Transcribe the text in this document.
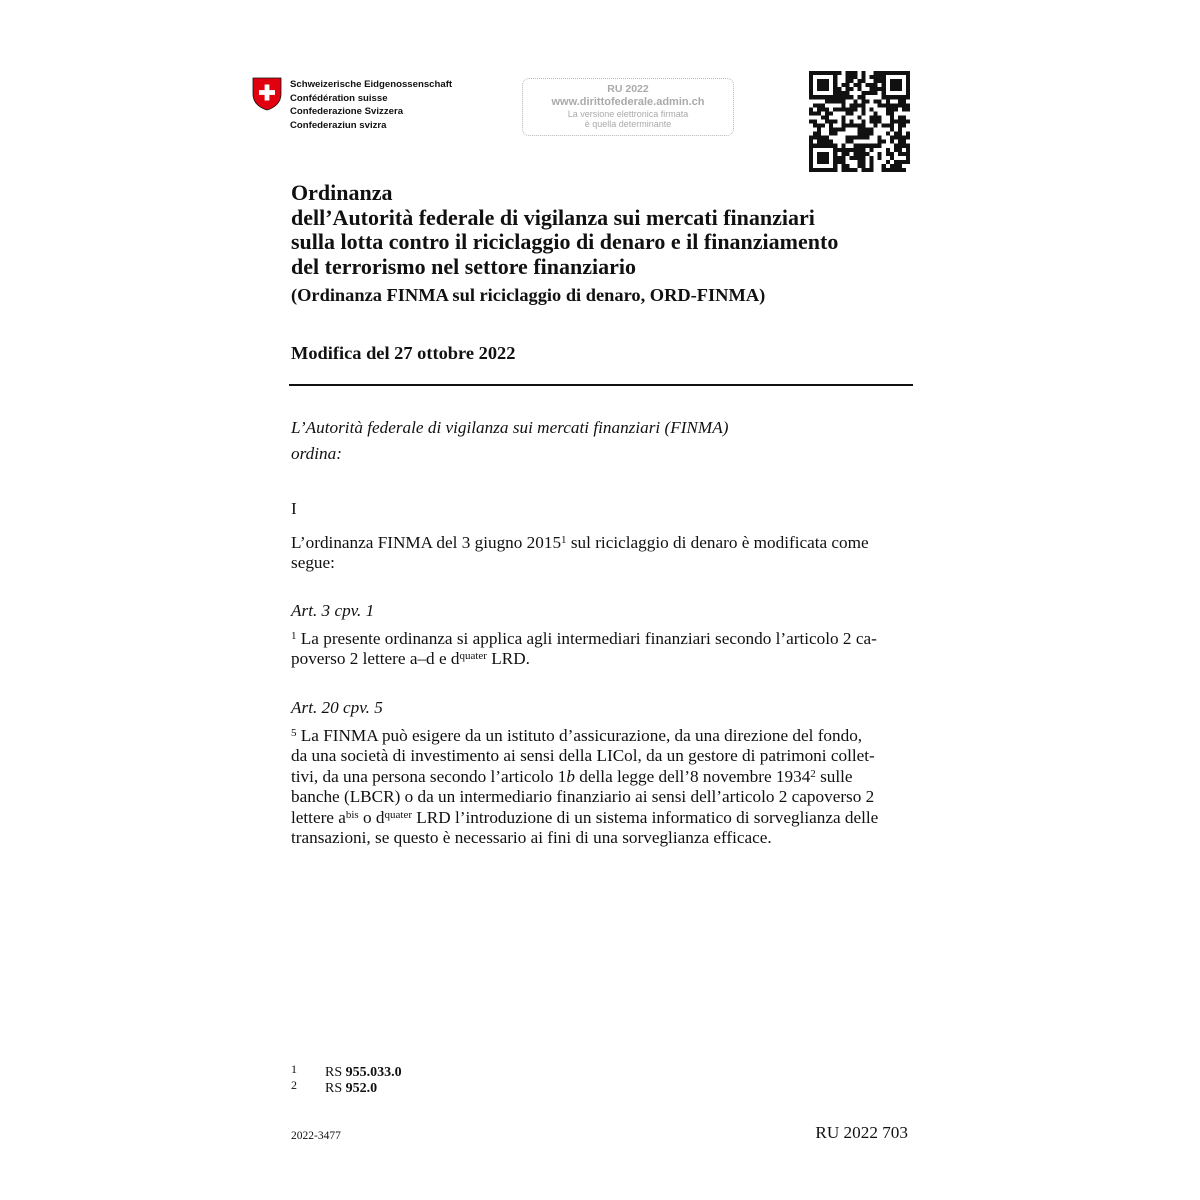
Schweizerische Eidgenossenschaft
Confédération suisse
Confederazione Svizzera
Confederaziun svizra
RU 2022
www.dirittofederale.admin.ch
La versione elettronica firmata
è quella determinante
Ordinanza
dell’Autorità federale di vigilanza sui mercati finanziari
sulla lotta contro il riciclaggio di denaro e il finanziamento
del terrorismo nel settore finanziario
(Ordinanza FINMA sul riciclaggio di denaro, ORD-FINMA)
Modifica del 27 ottobre 2022
L’Autorità federale di vigilanza sui mercati finanziari (FINMA)
ordina:
I
L’ordinanza FINMA del 3 giugno 2015$^1$ sul riciclaggio di denaro è modificata come
segue:
Art. 3 cpv. 1
$^1$ La presente ordinanza si applica agli intermediari finanziari secondo l’articolo 2 ca-
poverso 2 lettere a–d e $d^{quater}$ LRD.
Art. 20 cpv. 5
$^5$ La FINMA può esigere da un istituto d’assicurazione, da una direzione del fondo,
da una società di investimento ai sensi della LICol, da un gestore di patrimoni collet-
tivi, da una persona secondo l’articolo 1b della legge dell’8 novembre 1934$^2$ sulle
banche (LBCR) o da un intermediario finanziario ai sensi dell’articolo 2 capoverso 2
lettere $a^{bis}$ o $d^{quater}$ LRD l’introduzione di un sistema informatico di sorveglianza delle
transazioni, se questo è necessario ai fini di una sorveglianza efficace.
1 RS 955.033.0
2 RS 952.0
2022-3477	RU 2022 703
